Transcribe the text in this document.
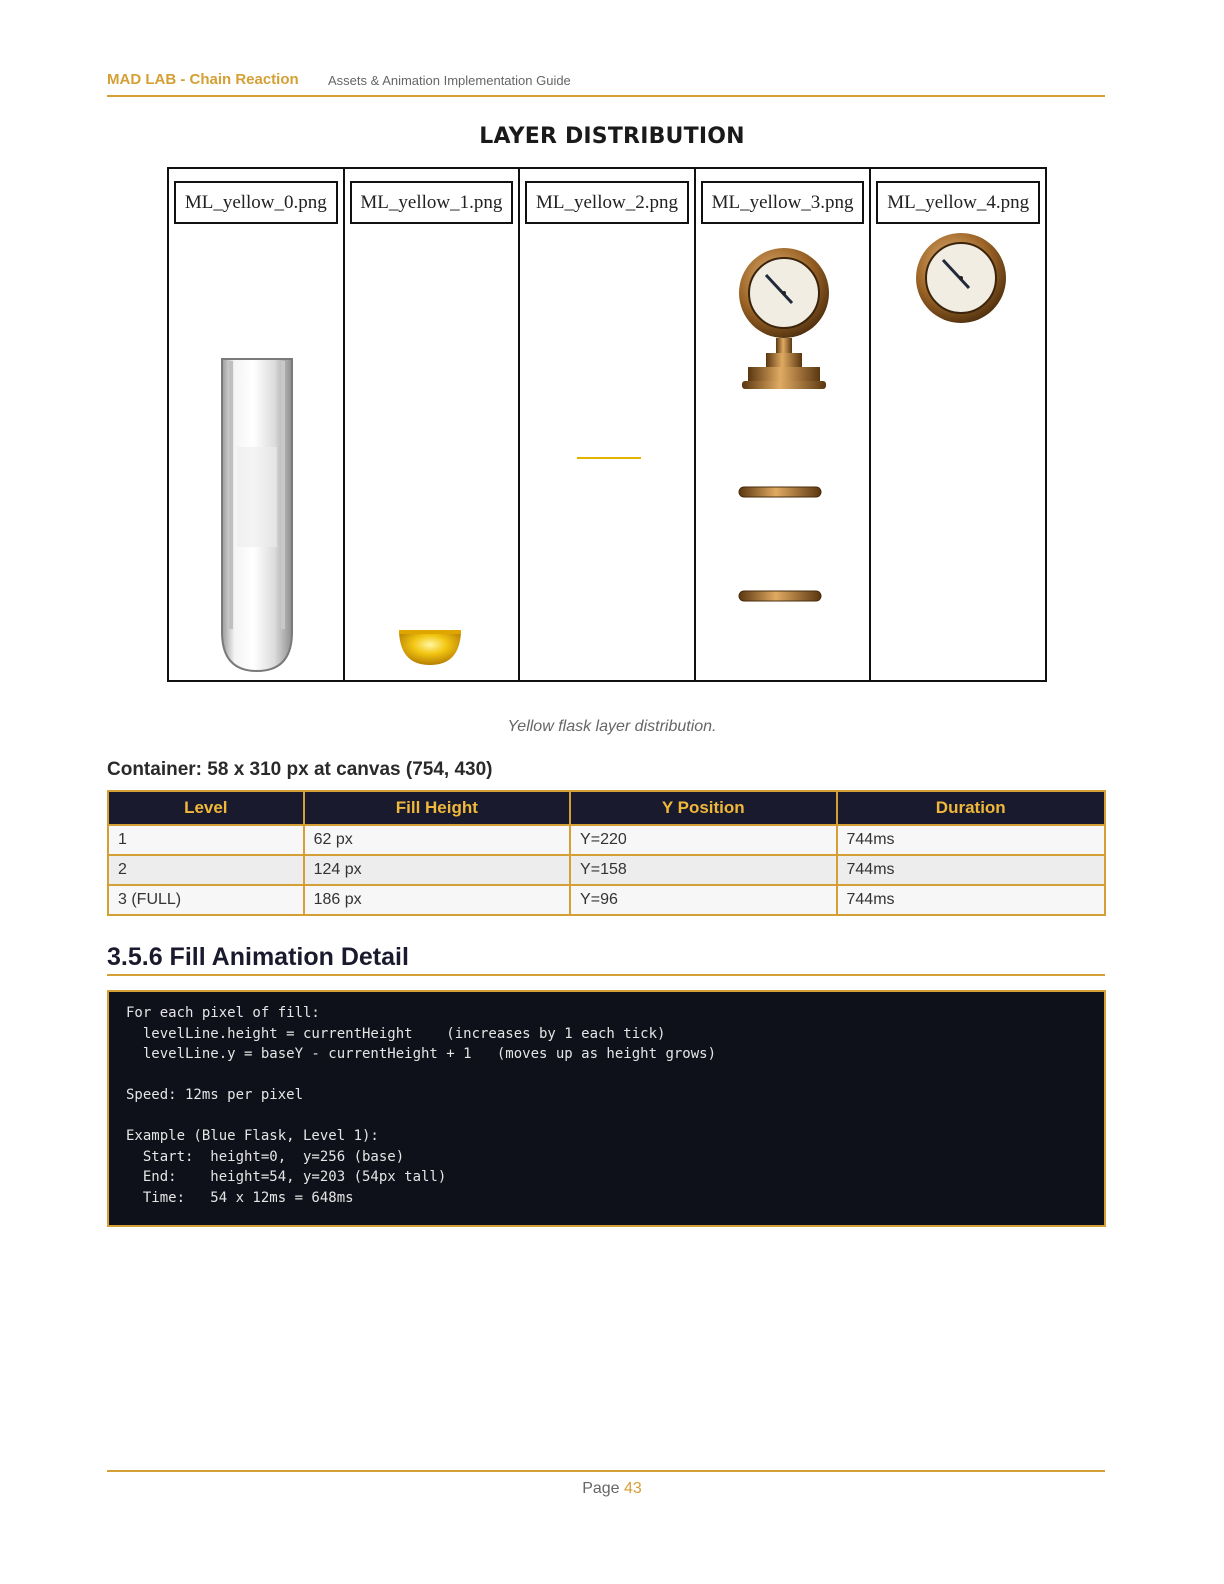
MAD LAB - Chain Reaction Assets & Animation Implementation Guide
LAYER DISTRIBUTION
ML_yellow_0.png	ML_yellow_1.png	ML_yellow_2.png	ML_yellow_3.png	ML_yellow_4.png
Yellow flask layer distribution.
Container: 58 x 310 px at canvas (754, 430)
Level	Fill Height	Y Position	Duration
1	62 px	Y=220	744ms
2	124 px	Y=158	744ms
3 (FULL)	186 px	Y=96	744ms
3.5.6 Fill Animation Detail
For each pixel of fill:
levelLine.height = currentHeight    (increases by 1 each tick)
levelLine.y = baseY - currentHeight + 1   (moves up as height grows)
Speed: 12ms per pixel
Example (Blue Flask, Level 1):
Start:  height=0,  y=256 (base)
End:    height=54, y=203 (54px tall)
Time:   54 x 12ms = 648ms
Page 43
